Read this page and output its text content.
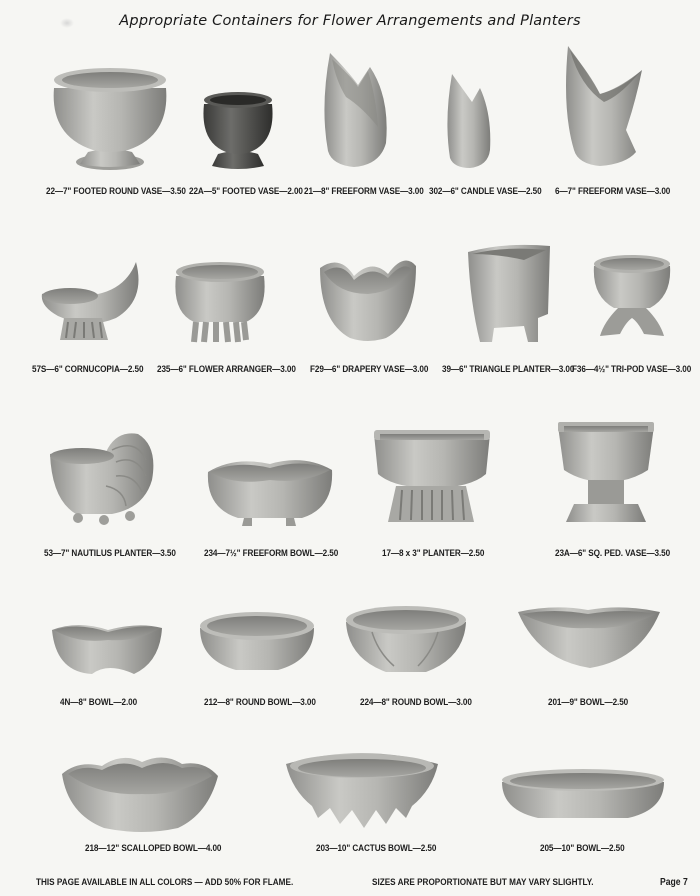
Appropriate Containers for Flower Arrangements and Planters
22—7" FOOTED ROUND VASE—3.50 22A—5" FOOTED VASE—2.00 21—8" FREEFORM VASE—3.00 302—6" CANDLE VASE—2.50 6—7" FREEFORM VASE—3.00
57S—6" CORNUCOPIA—2.50 235—6" FLOWER ARRANGER—3.00 F29—6" DRAPERY VASE—3.00 39—6" TRIANGLE PLANTER—3.00
F36—4½" TRI-POD VASE—3.00
53—7" NAUTILUS PLANTER—3.50	234—7½" FREEFORM BOWL—2.50	17—8 x 3" PLANTER—2.50	23A—6" SQ. PED. VASE—3.50
4N—8" BOWL—2.00	212—8" ROUND BOWL—3.00	224—8" ROUND BOWL—3.00	201—9" BOWL—2.50
218—12" SCALLOPED BOWL—4.00	203—10" CACTUS BOWL—2.50	205—10" BOWL—2.50
THIS PAGE AVAILABLE IN ALL COLORS — ADD 50% FOR FLAME.	SIZES ARE PROPORTIONATE BUT MAY VARY SLIGHTLY.	Page 7
